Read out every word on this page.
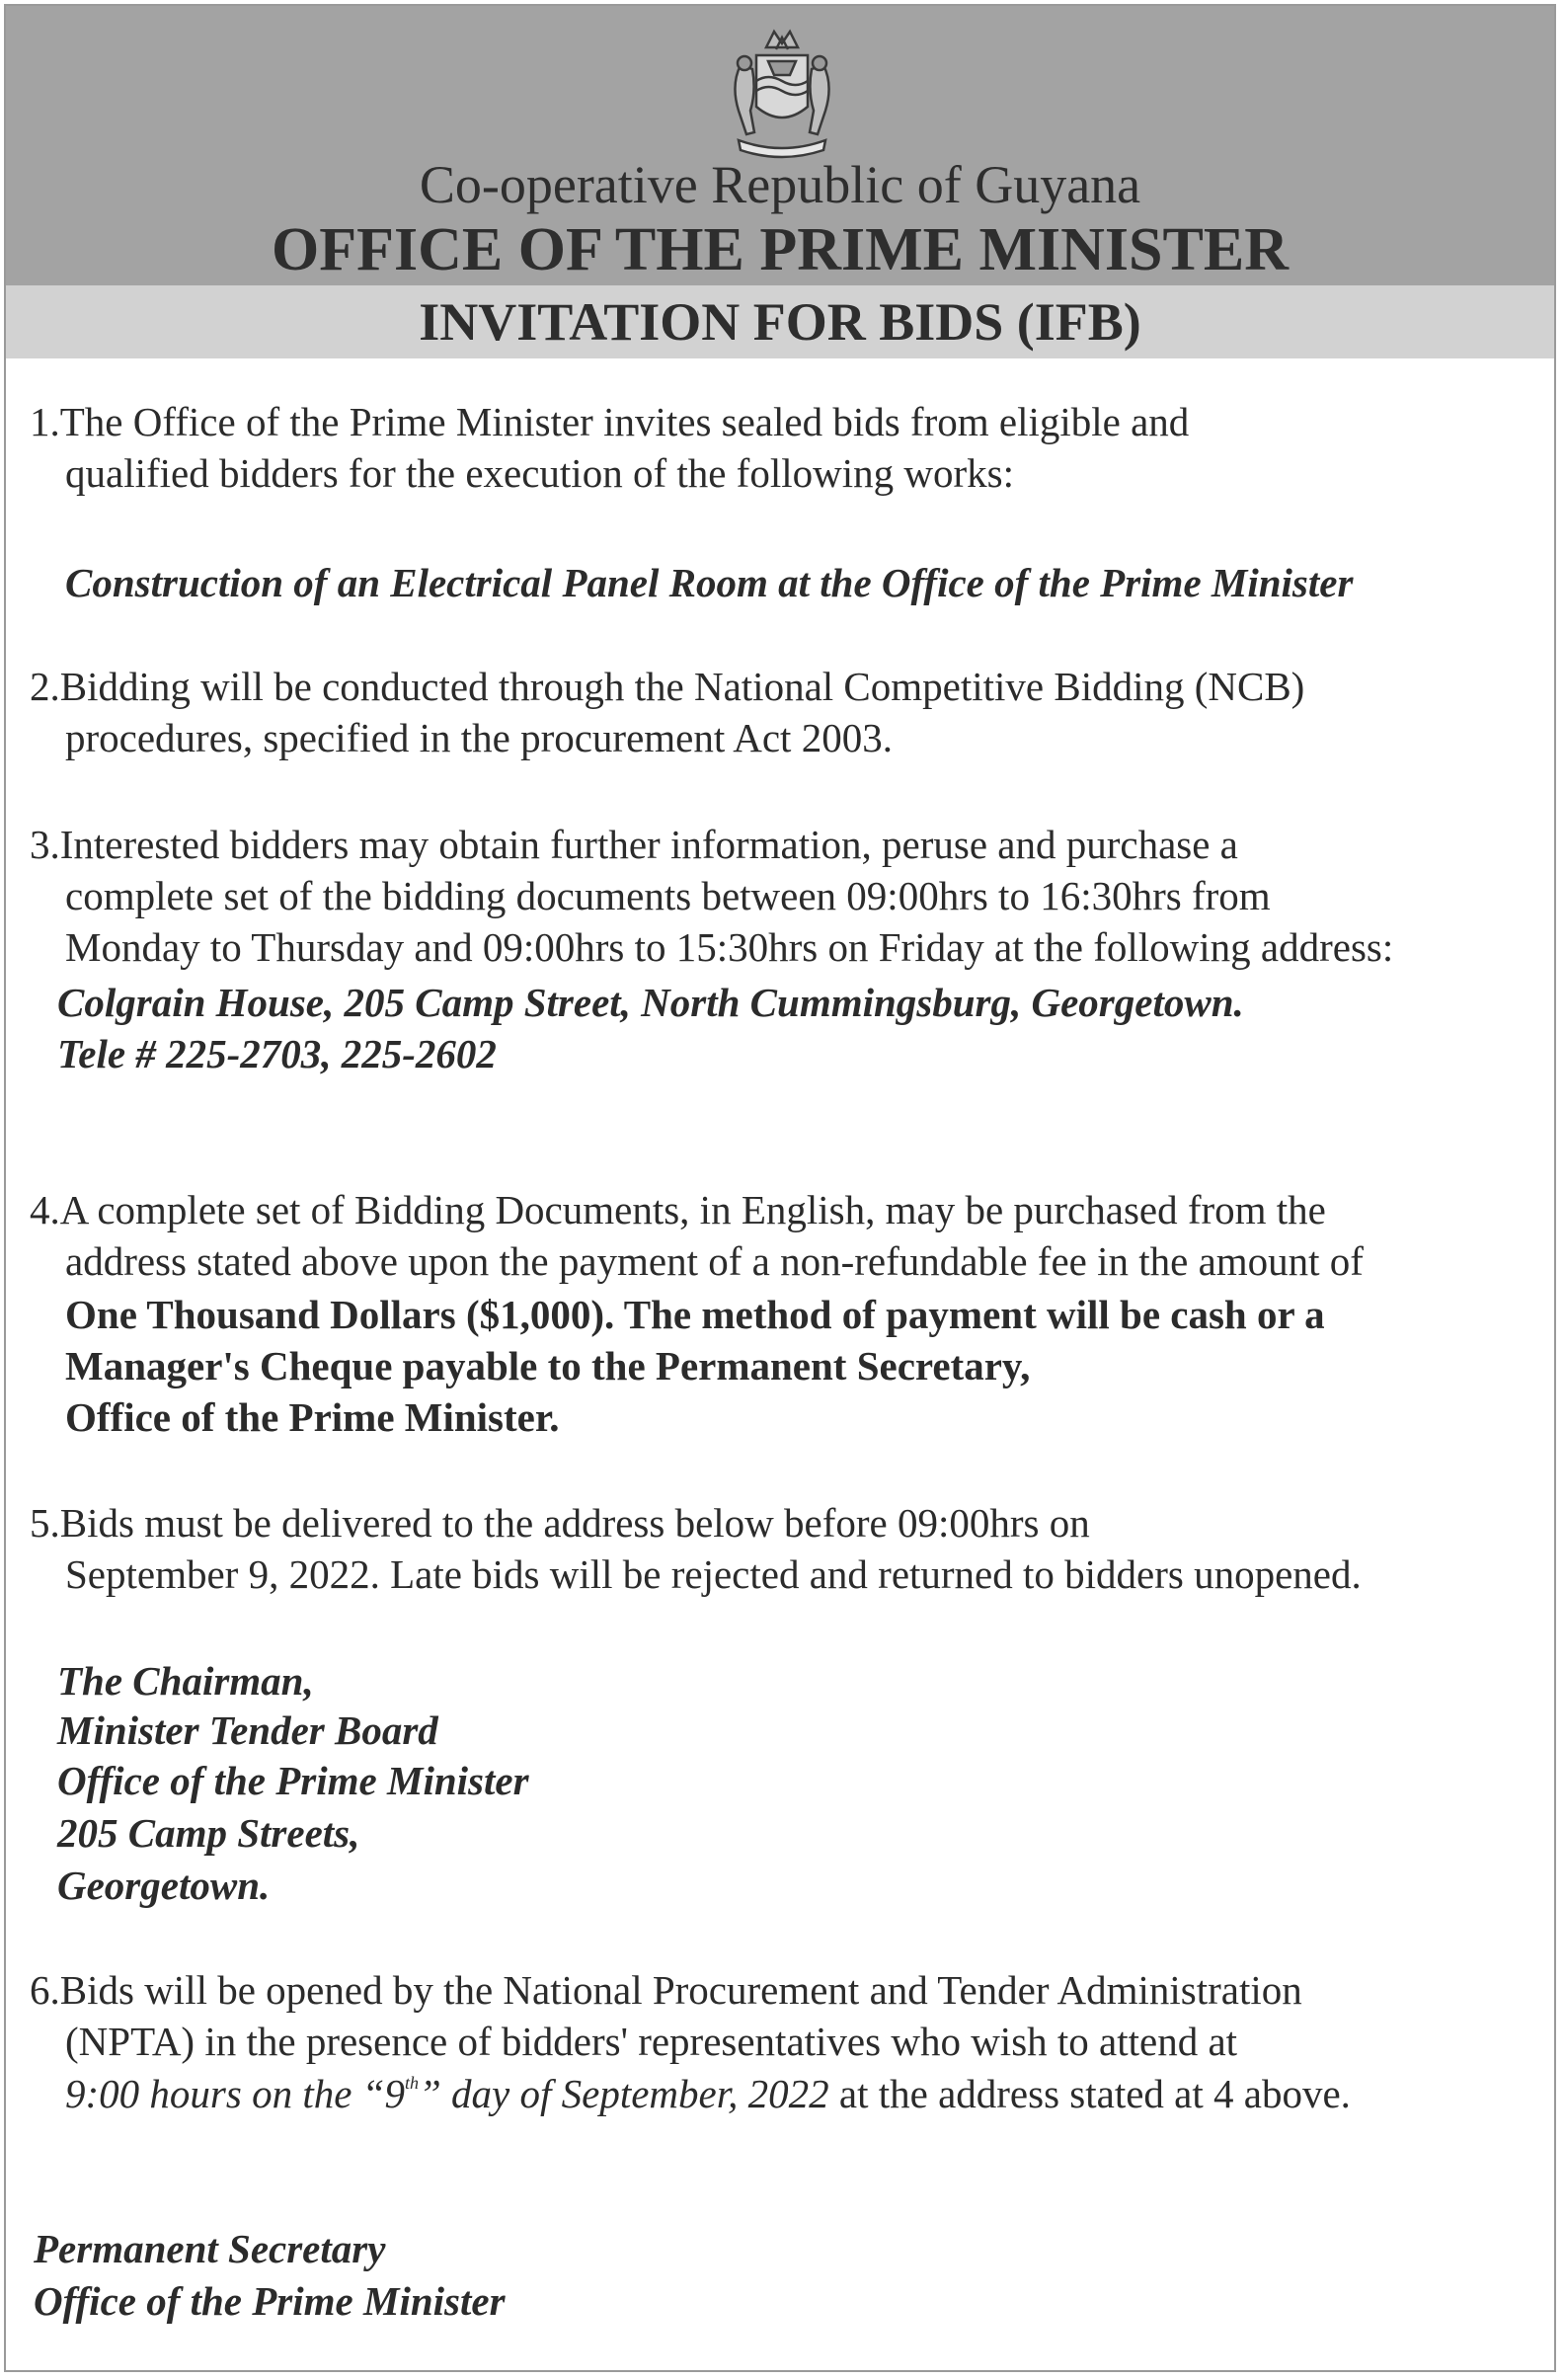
Co-operative Republic of Guyana
OFFICE OF THE PRIME MINISTER
INVITATION FOR BIDS (IFB)
1.The Office of the Prime Minister invites sealed bids from eligible and
qualified bidders for the execution of the following works:
Construction of an Electrical Panel Room at the Office of the Prime Minister
2.Bidding will be conducted through the National Competitive Bidding (NCB)
procedures, specified in the procurement Act 2003.
3.Interested bidders may obtain further information, peruse and purchase a
complete set of the bidding documents between 09:00hrs to 16:30hrs from
Monday to Thursday and 09:00hrs to 15:30hrs on Friday at the following address:
Colgrain House, 205 Camp Street, North Cummingsburg, Georgetown.
Tele # 225-2703, 225-2602
4.A complete set of Bidding Documents, in English, may be purchased from the
address stated above upon the payment of a non-refundable fee in the amount of
One Thousand Dollars ($1,000). The method of payment will be cash or a
Manager's Cheque payable to the Permanent Secretary,
Office of the Prime Minister.
5.Bids must be delivered to the address below before 09:00hrs on
September 9, 2022. Late bids will be rejected and returned to bidders unopened.
The Chairman,
Minister Tender Board
Office of the Prime Minister
205 Camp Streets,
Georgetown.
6.Bids will be opened by the National Procurement and Tender Administration
(NPTA) in the presence of bidders' representatives who wish to attend at
9:00 hours on the “9th” day of September, 2022 at the address stated at 4 above.
Permanent Secretary
Office of the Prime Minister
